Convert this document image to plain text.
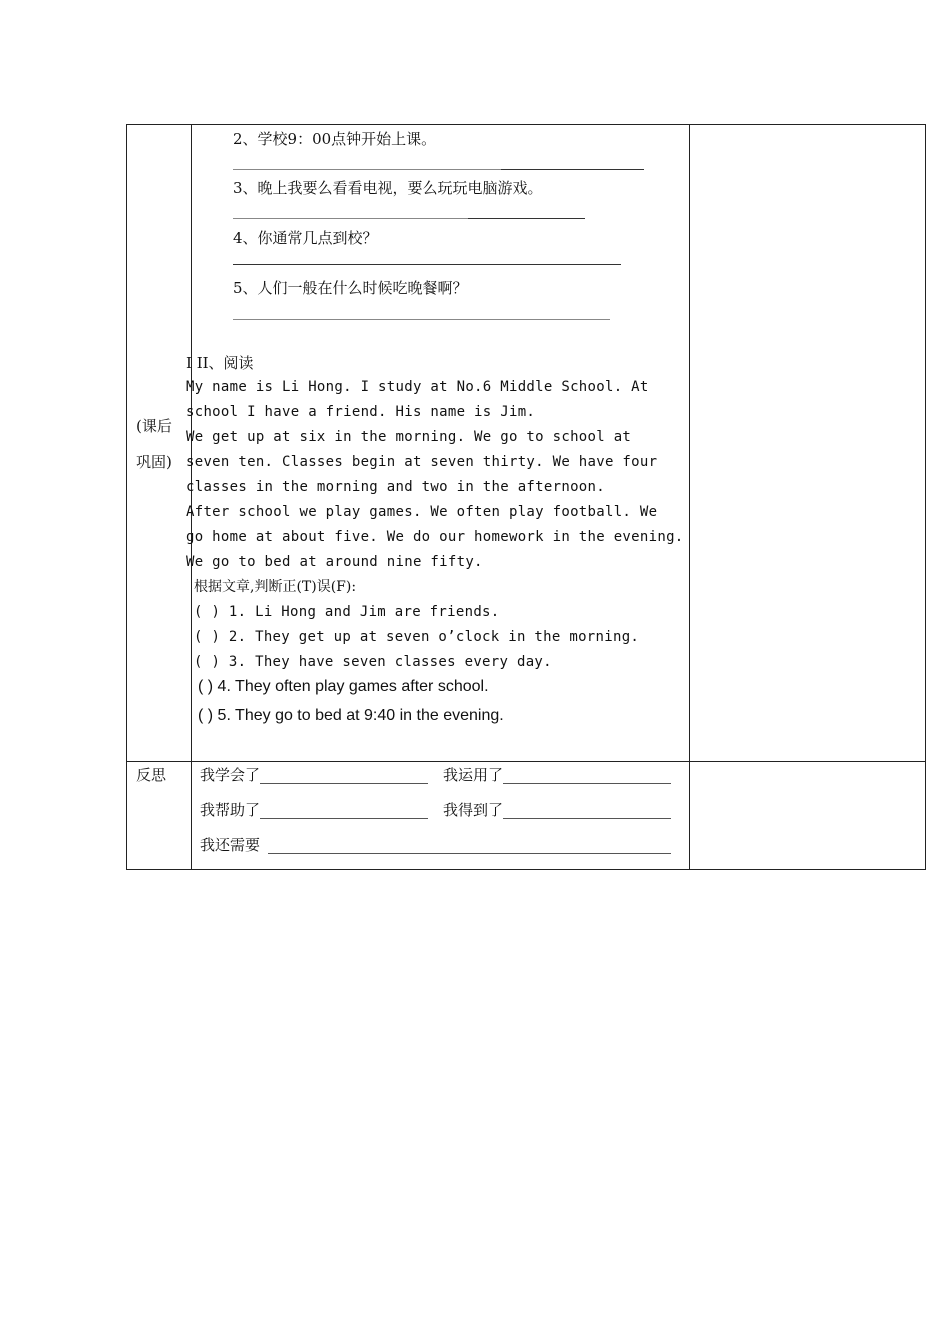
(课后巩固)
2、学校9：00点钟开始上课。
3、晚上我要么看看电视，要么玩玩电脑游戏。
4、你通常几点到校？
5、人们一般在什么时候吃晚餐啊？
I II、阅读
My name is Li Hong. I study at No.6 Middle School. At
school I have a friend. His name is Jim.
We get up at six in the morning. We go to school at
seven ten. Classes begin at seven thirty. We have four
classes in the morning and two in the afternoon.
After school we play games. We often play football. We
go home at about five. We do our homework in the evening.
We go to bed at around nine fifty.
根据文章,判断正(T)误(F):
( ) 1. Li Hong and Jim are friends.
( ) 2. They get up at seven o’clock in the morning.
( ) 3. They have seven classes every day.
( ) 4. They often play games after school.
( ) 5. They go to bed at 9:40 in the evening.
反思 我学会了	我运用了
我帮助了	我得到了
我还需要
